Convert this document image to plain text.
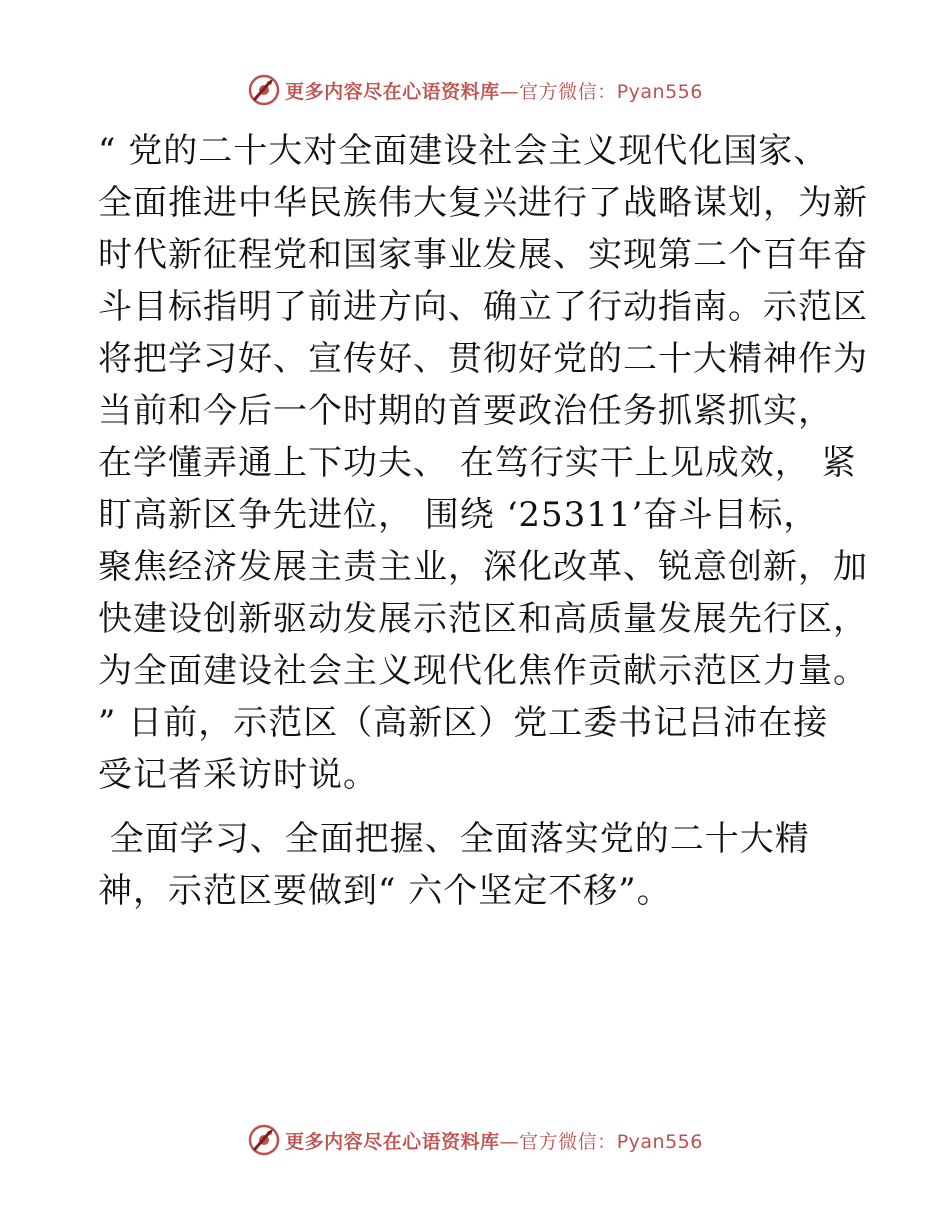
更多内容尽在心语资料库—官方微信：Pyan556

“ 党的二十大对全面建设社会主义现代化国家、

全面推进中华民族伟大复兴进行了战略谋划，为新

时代新征程党和国家事业发展、实现第二个百年奋

斗目标指明了前进方向、确立了行动指南。示范区

将把学习好、宣传好、贯彻好党的二十大精神作为

当前和今后一个时期的首要政治任务抓紧抓实，

在学懂弄通上下功夫、 在笃行实干上见成效， 紧

盯高新区争先进位， 围绕 ‘25311’奋斗目标，

聚焦经济发展主责主业，深化改革、锐意创新，加

快建设创新驱动发展示范区和高质量发展先行区，

为全面建设社会主义现代化焦作贡献示范区力量。

” 日前，示范区（高新区）党工委书记吕沛在接

受记者采访时说。

全面学习、全面把握、全面落实党的二十大精

神，示范区要做到“ 六个坚定不移”。

更多内容尽在心语资料库—官方微信：Pyan556
